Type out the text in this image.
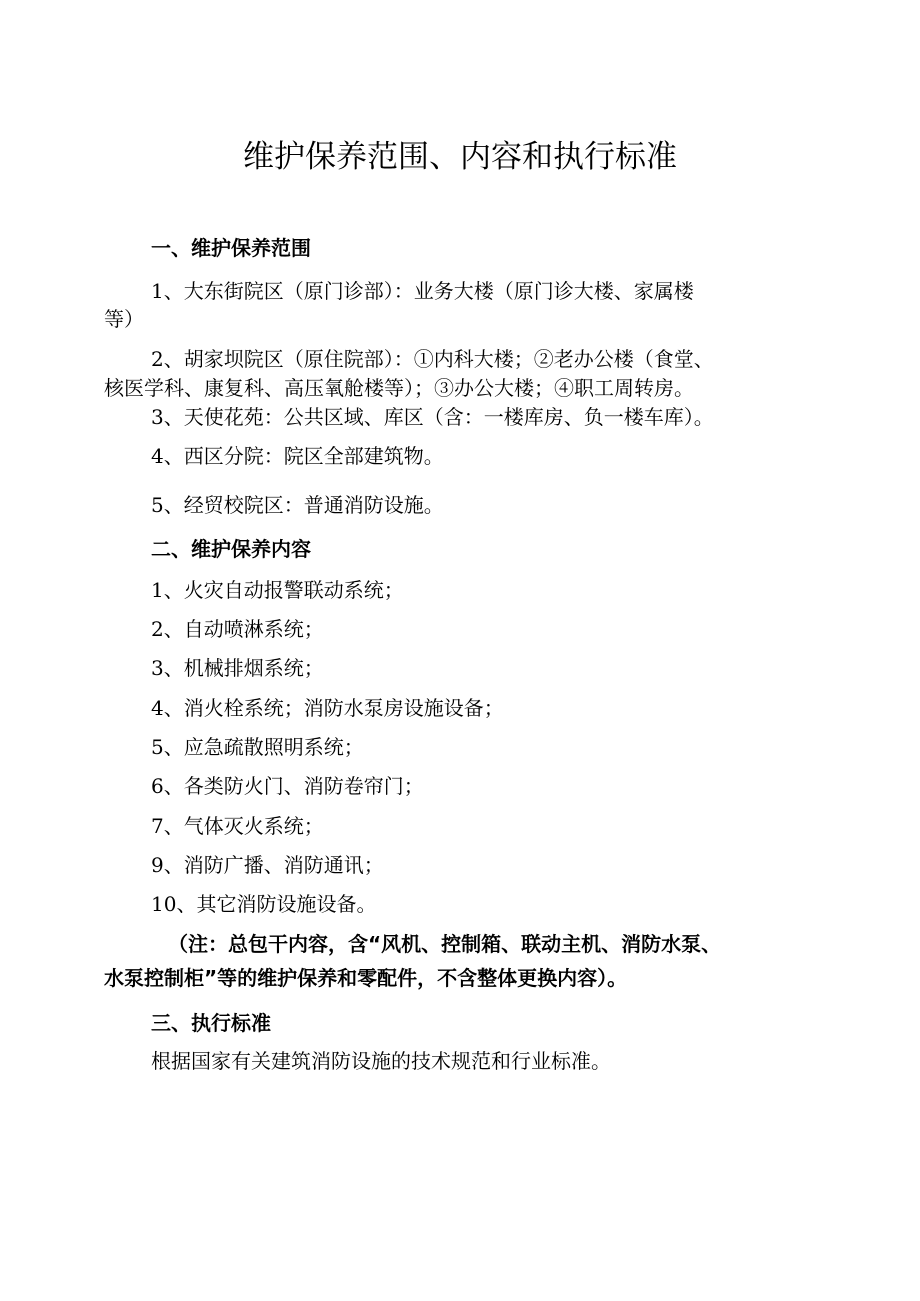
维护保养范围、内容和执行标准
一、维护保养范围
1、大东街院区（原门诊部）：业务大楼（原门诊大楼、家属楼
等）
2、胡家坝院区（原住院部）：①内科大楼；②老办公楼（食堂、
核医学科、康复科、高压氧舱楼等）；③办公大楼；④职工周转房。
3、天使花苑：公共区域、库区（含：一楼库房、负一楼车库）。
4、西区分院：院区全部建筑物。
5、经贸校院区：普通消防设施。
二、维护保养内容
1、火灾自动报警联动系统；
2、自动喷淋系统；
3、机械排烟系统；
4、消火栓系统；消防水泵房设施设备；
5、应急疏散照明系统；
6、各类防火门、消防卷帘门；
7、气体灭火系统；
9、消防广播、消防通讯；
10、其它消防设施设备。
（注：总包干内容，含“风机、控制箱、联动主机、消防水泵、
水泵控制柜”等的维护保养和零配件，不含整体更换内容）。
三、执行标准
根据国家有关建筑消防设施的技术规范和行业标准。
